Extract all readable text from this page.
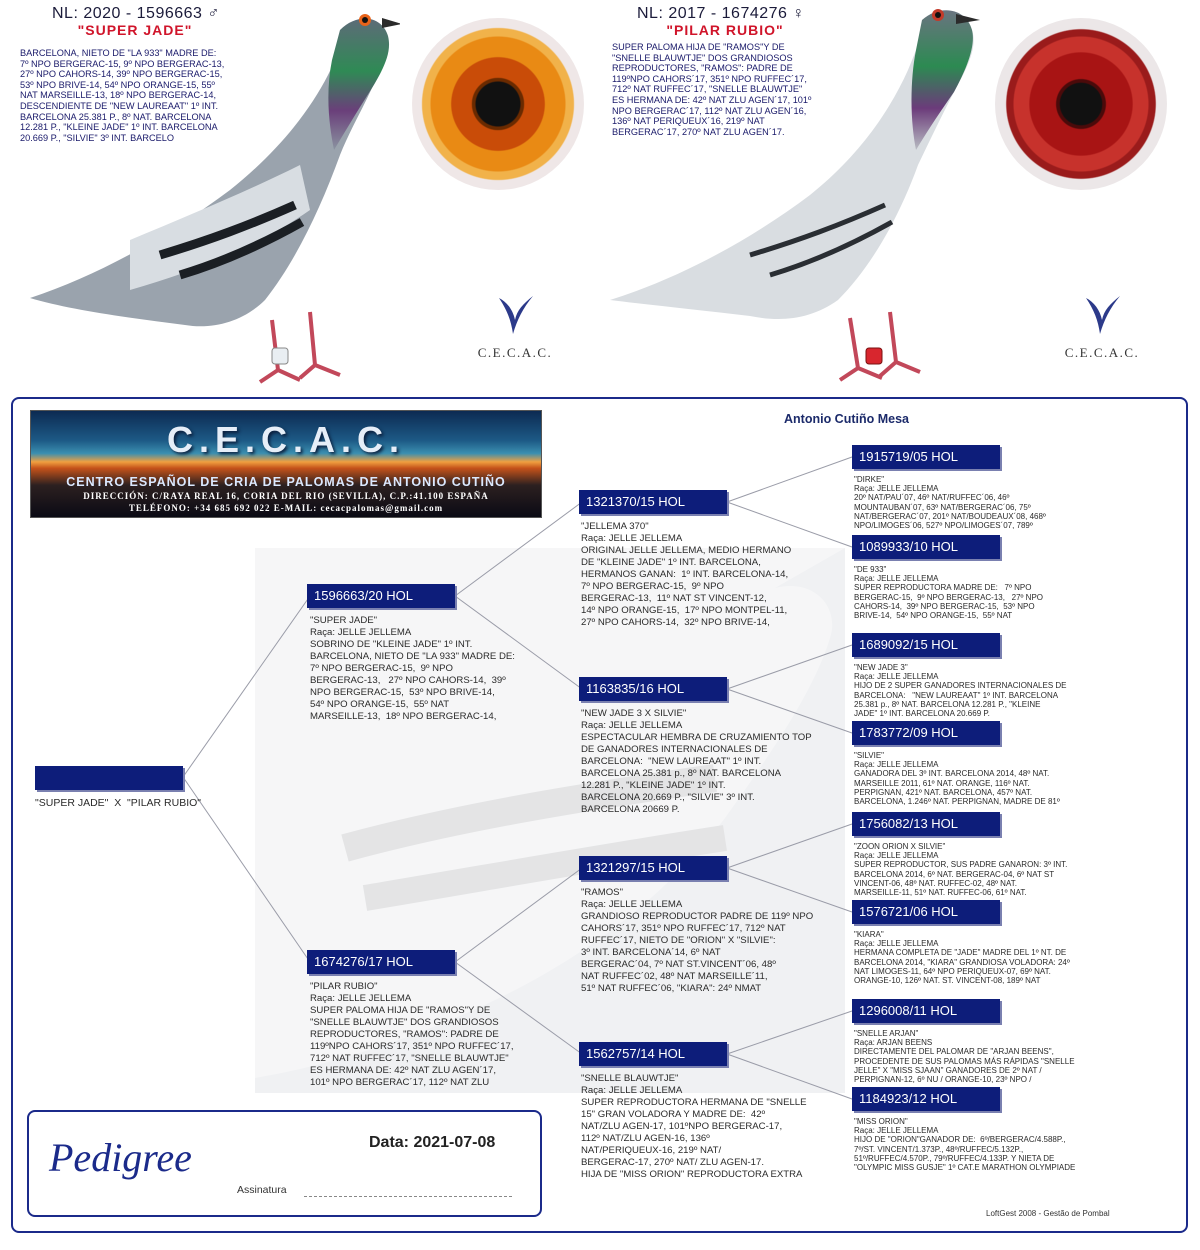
NL: 2020 - 1596663 ♂
"SUPER JADE"
BARCELONA, NIETO DE "LA 933" MADRE DE:
7º NPO BERGERAC-15, 9º NPO BERGERAC-13,
27º NPO CAHORS-14, 39º NPO BERGERAC-15,
53º NPO BRIVE-14, 54º NPO ORANGE-15, 55º
NAT MARSEILLE-13, 18º NPO BERGERAC-14,
DESCENDIENTE DE "NEW LAUREAAT" 1º INT.
BARCELONA 25.381 P., 8º NAT. BARCELONA
12.281 P., "KLEINE JADE" 1º INT. BARCELONA
20.669 P., "SILVIE" 3º INT. BARCELO
C.E.C.A.C.
NL: 2017 - 1674276 ♀
"PILAR RUBIO"
SUPER PALOMA HIJA DE "RAMOS"Y DE
"SNELLE BLAUWTJE" DOS GRANDIOSOS
REPRODUCTORES, "RAMOS": PADRE DE
119ºNPO CAHORS´17, 351º NPO RUFFEC´17,
712º NAT RUFFEC´17, "SNELLE BLAUWTJE"
ES HERMANA DE: 42º NAT ZLU AGEN´17, 101º
NPO BERGERAC´17, 112º NAT ZLU AGEN´16,
136º NAT PERIQUEUX´16, 219º NAT
BERGERAC´17, 270º NAT ZLU AGEN´17.
C.E.C.A.C.
C.E.C.A.C.
CENTRO ESPAÑOL DE CRIA DE PALOMAS DE ANTONIO CUTIÑO
DIRECCIÓN: C/RAYA REAL 16, CORIA DEL RIO (SEVILLA), C.P.:41.100 ESPAÑA
TELÉFONO: +34 685 692 022 E-MAIL: cecacpalomas@gmail.com
Antonio Cutiño Mesa
"SUPER JADE"  X  "PILAR RUBIO"
1596663/20 HOL
"SUPER JADE"
Raça: JELLE JELLEMA
SOBRINO DE "KLEINE JADE" 1º INT.
BARCELONA, NIETO DE "LA 933" MADRE DE:
7º NPO BERGERAC-15,  9º NPO
BERGERAC-13,   27º NPO CAHORS-14,  39º
NPO BERGERAC-15,  53º NPO BRIVE-14,
54º NPO ORANGE-15,  55º NAT
MARSEILLE-13,  18º NPO BERGERAC-14,
1674276/17 HOL
"PILAR RUBIO"
Raça: JELLE JELLEMA
SUPER PALOMA HIJA DE "RAMOS"Y DE
"SNELLE BLAUWTJE" DOS GRANDIOSOS
REPRODUCTORES, "RAMOS": PADRE DE
119ºNPO CAHORS´17, 351º NPO RUFFEC´17,
712º NAT RUFFEC´17, "SNELLE BLAUWTJE"
ES HERMANA DE: 42º NAT ZLU AGEN´17,
101º NPO BERGERAC´17, 112º NAT ZLU
1321370/15 HOL
"JELLEMA 370"
Raça: JELLE JELLEMA
ORIGINAL JELLE JELLEMA, MEDIO HERMANO
DE "KLEINE JADE" 1º INT. BARCELONA,
HERMANOS GANAN:  1º INT. BARCELONA-14,
7º NPO BERGERAC-15,  9º NPO
BERGERAC-13,  11º NAT ST VINCENT-12,
14º NPO ORANGE-15,  17º NPO MONTPEL-11,
27º NPO CAHORS-14,  32º NPO BRIVE-14,
1163835/16 HOL
"NEW JADE 3 X SILVIE"
Raça: JELLE JELLEMA
ESPECTACULAR HEMBRA DE CRUZAMIENTO TOP
DE GANADORES INTERNACIONALES DE
BARCELONA:  "NEW LAUREAAT" 1º INT.
BARCELONA 25.381 p., 8º NAT. BARCELONA
12.281 P., "KLEINE JADE" 1º INT.
BARCELONA 20.669 P., "SILVIE" 3º INT.
BARCELONA 20669 P.
1321297/15 HOL
"RAMOS"
Raça: JELLE JELLEMA
GRANDIOSO REPRODUCTOR PADRE DE 119º NPO
CAHORS´17, 351º NPO RUFFEC´17, 712º NAT
RUFFEC´17, NIETO DE "ORION" X "SILVIE":
3º INT. BARCELONA´14, 6º NAT
BERGERAC´04, 7º NAT ST.VINCENT´06, 48º
NAT RUFFEC´02, 48º NAT MARSEILLE´11,
51º NAT RUFFEC´06, "KIARA": 24º NMAT
1562757/14 HOL
"SNELLE BLAUWTJE"
Raça: JELLE JELLEMA
SUPER REPRODUCTORA HERMANA DE "SNELLE
15" GRAN VOLADORA Y MADRE DE:  42º
NAT/ZLU AGEN-17, 101ºNPO BERGERAC-17,
112º NAT/ZLU AGEN-16, 136º
NAT/PERIQUEUX-16, 219º NAT/
BERGERAC-17, 270º NAT/ ZLU AGEN-17.
HIJA DE "MISS ORION" REPRODUCTORA EXTRA
1915719/05 HOL
"DIRKE"
Raça: JELLE JELLEMA
20º NAT/PAU´07, 46º NAT/RUFFEC´06, 46º
MOUNTAUBAN´07, 63º NAT/BERGERAC´06, 75º
NAT/BERGERAC´07, 201º NAT/BOUDEAUX´08, 468º
NPO/LIMOGES´06, 527º NPO/LIMOGES´07, 789º
1089933/10 HOL
"DE 933"
Raça: JELLE JELLEMA
SUPER REPRODUCTORA MADRE DE:   7º NPO
BERGERAC-15,  9º NPO BERGERAC-13,   27º NPO
CAHORS-14,  39º NPO BERGERAC-15,  53º NPO
BRIVE-14,  54º NPO ORANGE-15,  55º NAT
1689092/15 HOL
"NEW JADE 3"
Raça: JELLE JELLEMA
HIJO DE 2 SUPER GANADORES INTERNACIONALES DE
BARCELONA:   "NEW LAUREAAT" 1º INT. BARCELONA
25.381 p., 8º NAT. BARCELONA 12.281 P., "KLEINE
JADE" 1º INT. BARCELONA 20.669 P.
1783772/09 HOL
"SILVIE"
Raça: JELLE JELLEMA
GANADORA DEL 3º INT. BARCELONA 2014, 48º NAT.
MARSEILLE 2011, 61º NAT. ORANGE, 116º NAT.
PERPIGNAN, 421º NAT. BARCELONA, 457º NAT.
BARCELONA, 1.246º NAT. PERPIGNAN, MADRE DE 81º
1756082/13 HOL
"ZOON ORION X SILVIE"
Raça: JELLE JELLEMA
SUPER REPRODUCTOR, SUS PADRE GANARON: 3º INT.
BARCELONA 2014, 6º NAT. BERGERAC-04, 6º NAT ST
VINCENT-06, 48º NAT. RUFFEC-02, 48º NAT.
MARSEILLE-11, 51º NAT. RUFFEC-06, 61º NAT.
1576721/06 HOL
"KIARA"
Raça: JELLE JELLEMA
HERMANA COMPLETA DE "JADE" MADRE DEL 1º NT. DE
BARCELONA 2014, "KIARA" GRANDIOSA VOLADORA: 24º
NAT LIMOGES-11, 64º NPO PERIQUEUX-07, 69º NAT.
ORANGE-10, 126º NAT. ST. VINCENT-08, 189º NAT
1296008/11 HOL
"SNELLE ARJAN"
Raça: ARJAN BEENS
DIRECTAMENTE DEL PALOMAR DE "ARJAN BEENS",
PROCEDENTE DE SUS PALOMAS MÁS RÁPIDAS "SNELLE
JELLE" X "MISS SJAAN" GANADORES DE 2º NAT /
PERPIGNAN-12, 6º NU / ORANGE-10, 23º NPO /
1184923/12 HOL
"MISS ORION"
Raça: JELLE JELLEMA
HIJO DE "ORION"GANADOR DE:  6º/BERGERAC/4.588P.,
7º/ST. VINCENT/1.373P., 48º/RUFFEC/5.132P.,
51º/RUFFEC/4.570P., 79º/RUFFEC/4.133P. Y NIETA DE
"OLYMPIC MISS GUSJE" 1º CAT.E MARATHON OLYMPIADE
Pedigree	Data: 2021-07-08
Assinatura
LoftGest 2008 - Gestão de Pombal
